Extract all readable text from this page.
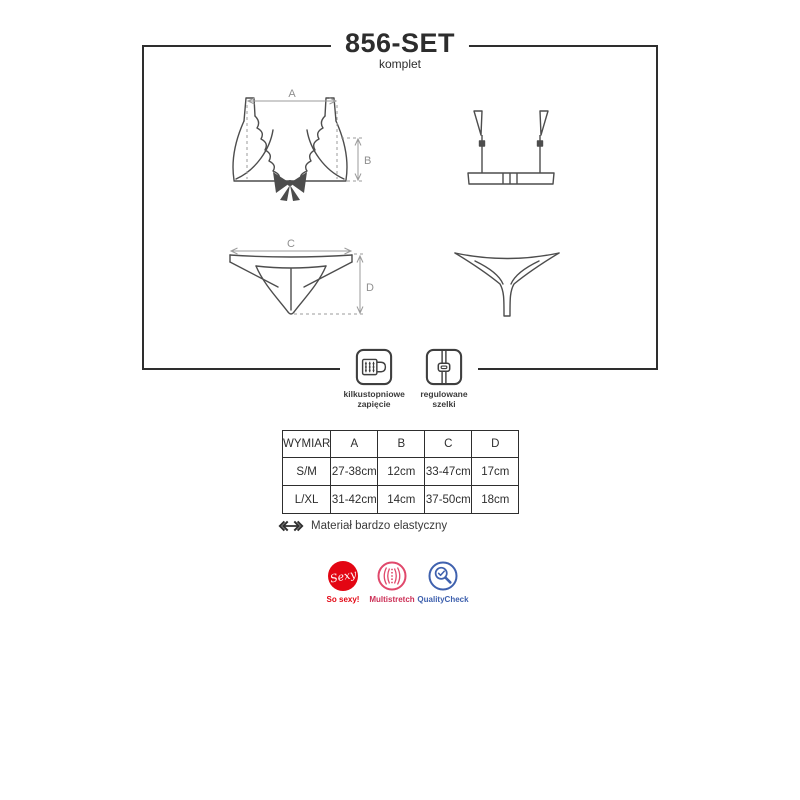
856-SET
komplet
A
B
C
D
kilkustopniowe
zapięcie
regulowane
szelki
WYMIAR	A	B	C	D
S/M	27-38cm	12cm	33-47cm	17cm
L/XL	31-42cm	14cm	37-50cm	18cm
Materiał bardzo elastyczny
Sexy
So sexy!	Multistretch QualityCheck
